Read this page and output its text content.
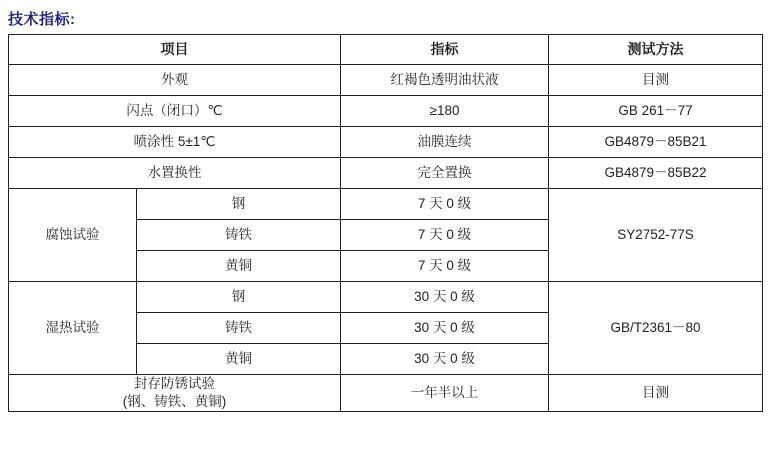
技术指标:
项目		指标	测试方法
外观		红褐色透明油状液	目测
闪点（闭口）℃		≥180	GB 261－77
喷涂性 5±1℃		油膜连续	GB4879－85B21
水置换性		完全置换	GB4879－85B22
腐蚀试验	钢	7 天 0 级	SY2752-77S
	铸铁	7 天 0 级	
	黄铜	7 天 0 级	
湿热试验	钢	30 天 0 级	GB/T2361－80
	铸铁	30 天 0 级	
	黄铜	30 天 0 级	

封存防锈试验
(钢、铸铁、黄铜)		一年半以上	目测
